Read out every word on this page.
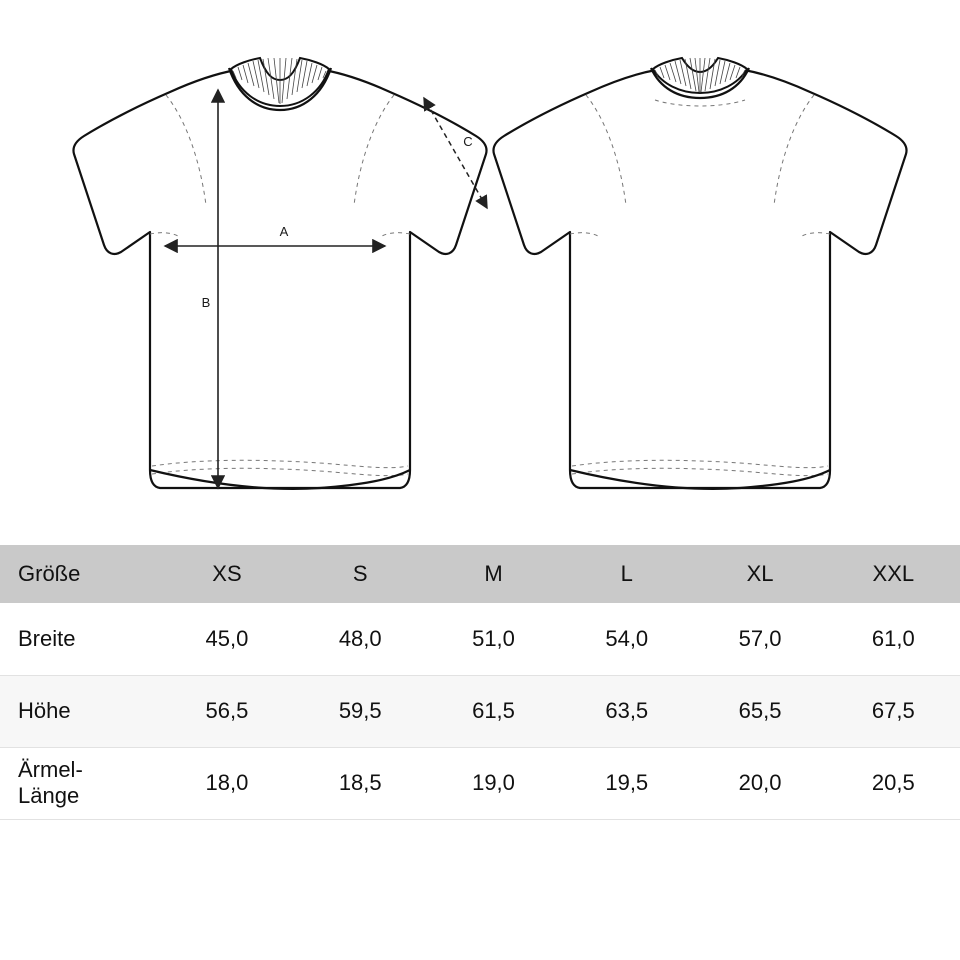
A
B
C
Größe	XS	S	M	L	XL	XXL
Breite	45,0	48,0	51,0	54,0	57,0	61,0
Höhe	56,5	59,5	61,5	63,5	65,5	67,5
Ärmel-
Länge	18,0	18,5	19,0	19,5	20,0	20,5
